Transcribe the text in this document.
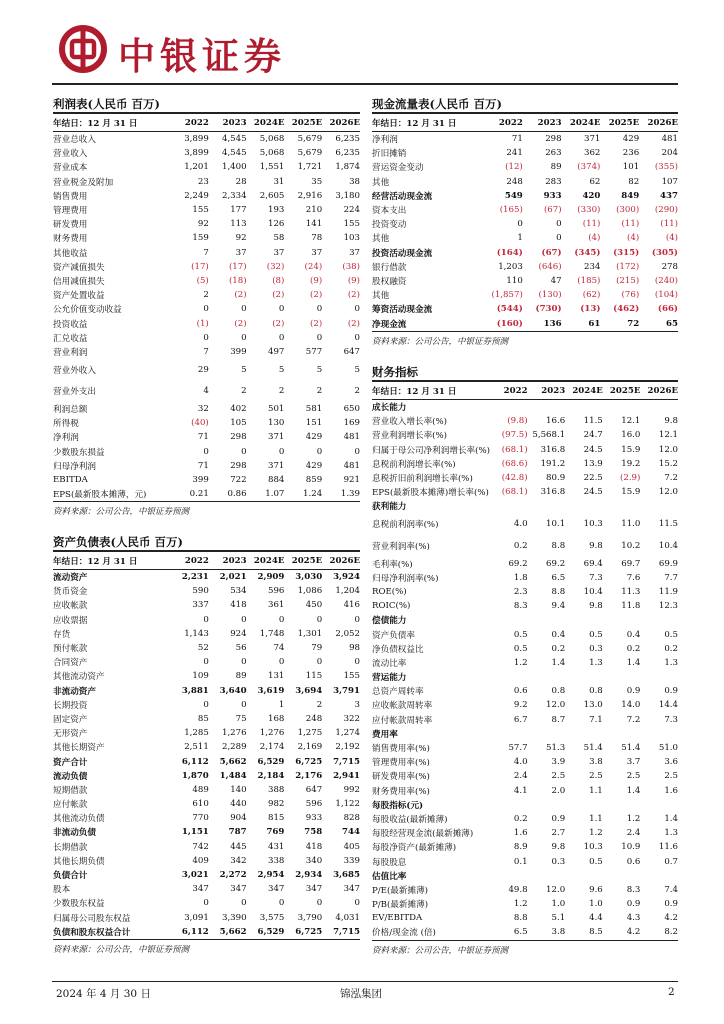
中银证券
利润表(人民币 百万)
年结日：12 月 31 日	2022	2023	2024E	2025E	2026E
营业总收入	3,899	4,545	5,068	5,679	6,235
营业收入	3,899	4,545	5,068	5,679	6,235
营业成本	1,201	1,400	1,551	1,721	1,874
营业税金及附加	23	28	31	35	38
销售费用	2,249	2,334	2,605	2,916	3,180
管理费用	155	177	193	210	224
研发费用	92	113	126	141	155
财务费用	159	92	58	78	103
其他收益	7	37	37	37	37
资产减值损失	(17)	(17)	(32)	(24)	(38)
信用减值损失	(5)	(18)	(8)	(9)	(9)
资产处置收益	2	(2)	(2)	(2)	(2)
公允价值变动收益	0	0	0	0	0
投资收益	(1)	(2)	(2)	(2)	(2)
汇兑收益	0	0	0	0	0
营业利润	7	399	497	577	647
营业外收入	29	5	5	5	5
营业外支出	4	2	2	2	2
利润总额	32	402	501	581	650
所得税	(40)	105	130	151	169
净利润	71	298	371	429	481
少数股东损益	0	0	0	0	0
归母净利润	71	298	371	429	481
EBITDA	399	722	884	859	921
EPS(最新股本摊薄，元)	0.21	0.86	1.07	1.24	1.39
资料来源：公司公告，中银证券预测
资产负债表(人民币 百万)
年结日：12 月 31 日	2022	2023	2024E	2025E	2026E
流动资产	2,231	2,021	2,909	3,030	3,924
货币资金	590	534	596	1,086	1,204
应收帐款	337	418	361	450	416
应收票据	0	0	0	0	0
存货	1,143	924	1,748	1,301	2,052
预付帐款	52	56	74	79	98
合同资产	0	0	0	0	0
其他流动资产	109	89	131	115	155
非流动资产	3,881	3,640	3,619	3,694	3,791
长期投资	0	0	1	2	3
固定资产	85	75	168	248	322
无形资产	1,285	1,276	1,276	1,275	1,274
其他长期资产	2,511	2,289	2,174	2,169	2,192
资产合计	6,112	5,662	6,529	6,725	7,715
流动负债	1,870	1,484	2,184	2,176	2,941
短期借款	489	140	388	647	992
应付帐款	610	440	982	596	1,122
其他流动负债	770	904	815	933	828
非流动负债	1,151	787	769	758	744
长期借款	742	445	431	418	405
其他长期负债	409	342	338	340	339
负债合计	3,021	2,272	2,954	2,934	3,685
股本	347	347	347	347	347
少数股东权益	0	0	0	0	0
归属母公司股东权益	3,091	3,390	3,575	3,790	4,031
负债和股东权益合计	6,112	5,662	6,529	6,725	7,715
资料来源：公司公告，中银证券预测
现金流量表(人民币 百万)
年结日：12 月 31 日	2022	2023	2024E	2025E	2026E
净利润	71	298	371	429	481
折旧摊销	241	263	362	236	204
营运资金变动	(12)	89	(374)	101	(355)
其他	248	283	62	82	107
经营活动现金流	549	933	420	849	437
资本支出	(165)	(67)	(330)	(300)	(290)
投资变动	0	0	(11)	(11)	(11)
其他	1	0	(4)	(4)	(4)
投资活动现金流	(164)	(67)	(345)	(315)	(305)
银行借款	1,203	(646)	234	(172)	278
股权融资	110	47	(185)	(215)	(240)
其他	(1,857)	(130)	(62)	(76)	(104)
筹资活动现金流	(544)	(730)	(13)	(462)	(66)
净现金流	(160)	136	61	72	65
资料来源：公司公告，中银证券预测
财务指标
年结日：12 月 31 日	2022	2023	2024E	2025E	2026E
成长能力					
营业收入增长率(%)	(9.8)	16.6	11.5	12.1	9.8
营业利润增长率(%)	(97.5)	5,568.1	24.7	16.0	12.1
归属于母公司净利润增长率(%)	(68.1)	316.8	24.5	15.9	12.0
息税前利润增长率(%)	(68.6)	191.2	13.9	19.2	15.2
息税折旧前利润增长率(%)	(42.8)	80.9	22.5	(2.9)	7.2
EPS(最新股本摊薄)增长率(%)	(68.1)	316.8	24.5	15.9	12.0
获利能力					
息税前利润率(%)	4.0	10.1	10.3	11.0	11.5
营业利润率(%)	0.2	8.8	9.8	10.2	10.4
毛利率(%)	69.2	69.2	69.4	69.7	69.9
归母净利润率(%)	1.8	6.5	7.3	7.6	7.7
ROE(%)	2.3	8.8	10.4	11.3	11.9
ROIC(%)	8.3	9.4	9.8	11.8	12.3
偿债能力					
资产负债率	0.5	0.4	0.5	0.4	0.5
净负债权益比	0.5	0.2	0.3	0.2	0.2
流动比率	1.2	1.4	1.3	1.4	1.3
营运能力					
总资产周转率	0.6	0.8	0.8	0.9	0.9
应收帐款周转率	9.2	12.0	13.0	14.0	14.4
应付帐款周转率	6.7	8.7	7.1	7.2	7.3
费用率					
销售费用率(%)	57.7	51.3	51.4	51.4	51.0
管理费用率(%)	4.0	3.9	3.8	3.7	3.6
研发费用率(%)	2.4	2.5	2.5	2.5	2.5
财务费用率(%)	4.1	2.0	1.1	1.4	1.6
每股指标(元)					
每股收益(最新摊薄)	0.2	0.9	1.1	1.2	1.4
每股经营现金流(最新摊薄)	1.6	2.7	1.2	2.4	1.3
每股净资产(最新摊薄)	8.9	9.8	10.3	10.9	11.6
每股股息	0.1	0.3	0.5	0.6	0.7
估值比率					
P/E(最新摊薄)	49.8	12.0	9.6	8.3	7.4
P/B(最新摊薄)	1.2	1.0	1.0	0.9	0.9
EV/EBITDA	8.8	5.1	4.4	4.3	4.2
价格/现金流 (倍)	6.5	3.8	8.5	4.2	8.2
资料来源：公司公告，中银证券预测
2024 年 4 月 30 日	锦泓集团	2
